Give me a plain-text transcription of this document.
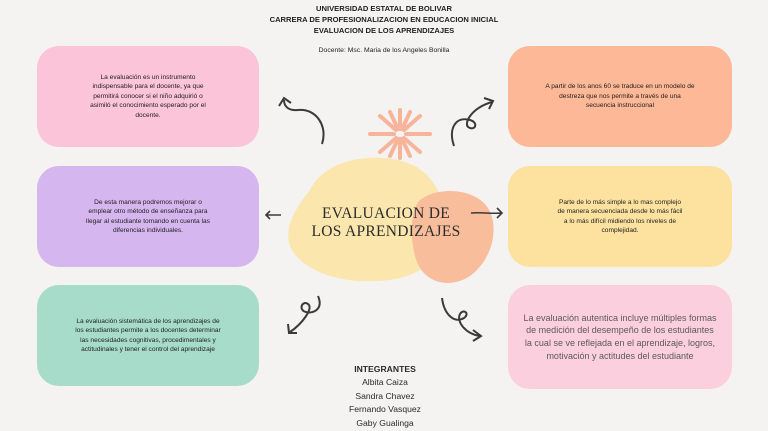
UNIVERSIDAD ESTATAL DE BOLIVAR
CARRERA DE PROFESIONALIZACION EN EDUCACION INICIAL
EVALUACION DE LOS APRENDIZAJES
Docente: Msc. Maria de los Angeles Bonilla
La evaluación es un instrumento
indispensable para el docente, ya que
permitirá conocer si el niño adquirió o
asimiló el conocimiento esperado por el
docente.
De esta manera podremos mejorar o
emplear otro método de enseñanza para
llegar al estudiante tomando en cuenta las
diferencias individuales.
La evaluación sistemática de los aprendizajes de
los estudiantes permite a los docentes determinar
las necesidades cognitivas, procedimentales y
actitudinales y tener el control del aprendizaje
A partir de los anos 60 se traduce en un modelo de
destreza que nos permite a través de una
secuencia instruccional
Parte de lo más simple a lo mas complejo
de manera secuenciada desde lo más fácil
a lo más difícil midiendo los niveles de
complejidad.
La evaluación autentica incluye múltiples formas
de medición del desempeño de los estudiantes
la cual se ve reflejada en el aprendizaje, logros,
motivación y actitudes del estudiante
EVALUACION DE
LOS APRENDIZAJES
INTEGRANTES
Albita Caiza
Sandra Chavez
Fernando Vasquez
Gaby Gualinga
